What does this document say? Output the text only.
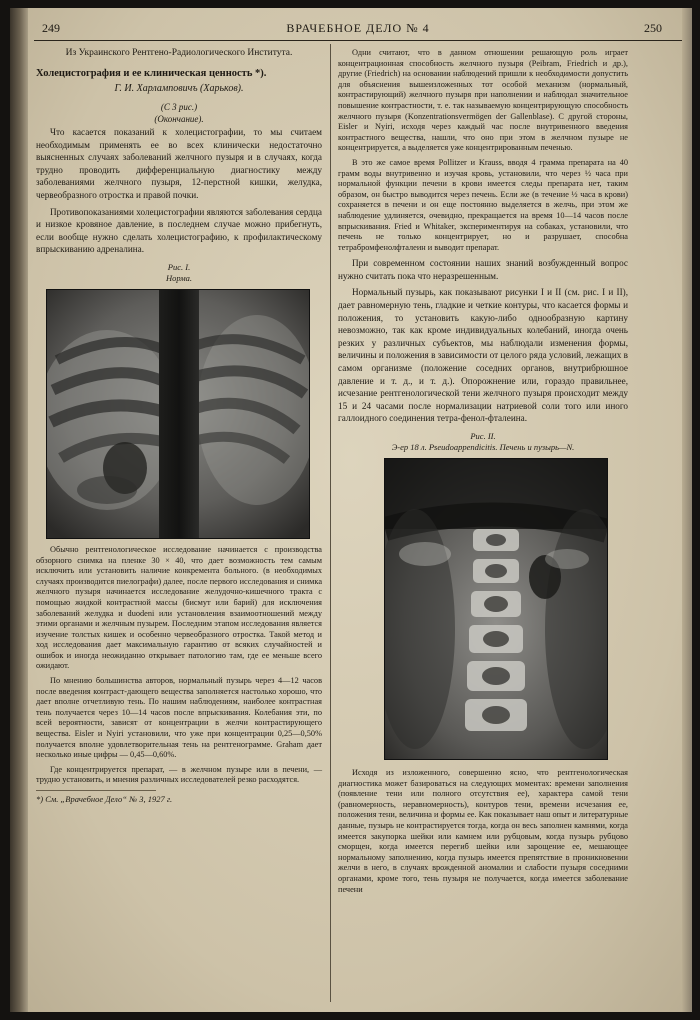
249	ВРАЧЕБНОЕ ДЕЛО № 4	250

Из Украинского Рентгено-Радиологического Института.

Холецистография и ее клиническая ценность *).

Г. И. Харламповичъ (Харьков).

(С 3 рис.)

(Окончание).

Что касается показаний к холецистографии, то мы считаем необходимым применять ее во всех клинически недостаточно выясненных случаях заболеваний желчного пузыря и в случаях, когда трудно проводить дифференциальную диагностику между заболеваниями желчного пузыря, 12-перстной кишки, желудка, червеобразного отростка и правой почки.

Противопоказаниями холецистографии являются заболевания сердца и низкое кровяное давление, в последнем случае можно прибегнуть, если вообще нужно сделать холецистографию, к профилактическому впрыскиванию адреналина.

Рис. I.

Норма.

Обычно рентгенологическое исследование начинается с производства обзорного снимка на пленке 30 × 40, что дает возможность тем самым исключить или установить наличие конкремента больного. (в необходимых случаях производится пиелографи) далее, после первого исследования и снимка желчного пузыря начинается исследование желудочно-кишечного тракта с помощью жидкой контрастной массы (бисмут или барий) для исключения заболеваний желудка и duodeni или установления взаимоотношений между этими органами и желчным пузырем. Последним этапом исследования является изучение толстых кишек и особенно червеобразного отростка. Такой метод и ход исследования дает максимальную гарантию от всяких случайностей и ошибок и иногда неожиданно открывает патологию там, где ее меньше всего ожидают.

По мнению большинства авторов, нормальный пузырь через 4—12 часов после введения контраст-дающего вещества заполняется настолько хорошо, что дает вполне отчетливую тень. По нашим наблюдениям, наиболее контрастная тень получается через 10—14 часов после впрыскивания. Колебания эти, по всей вероятности, зависят от концентрации в желчи контрастирующего вещества. Eisler и Nyiri установили, что уже при концентрации 0,25—0,50% получается вполне удовлетворительная тень на рентгенограмме. Graham дает несколько иные цифры — 0,45—0,60%.

Где концентрируется препарат, — в желчном пузыре или в печени, — трудно установить, и мнения различных исследователей резко расходятся.

*) См. „Врачебное Дело“ № 3, 1927 г.

Одни считают, что в данном отношении решающую роль играет концентрационная способность желчного пузыря (Peibram, Friedrich и др.), другие (Friedrich) на основании наблюдений пришли к необходимости допустить для объяснения вышеизложенных тот особой механизм (нормальный, контрастирующий) желчного пузыря при наполнении и наблюдал значительное повышение контрастности, т. е. так называемую концентрирующую способность желчного пузыря (Konzentrationsvermögen der Gallenblase). С другой стороны, Eisler и Nyiri, исходя через каждый час после внутривенного введения контрастного вещества, нашли, что оно при этом в желчном пузыре не концентрируется, а выделяется уже концентрированным печенью.

В это же самое время Pollitzer и Krauss, вводя 4 грамма препарата на 40 грамм воды внутривенно и изучая кровь, установили, что через ½ часа при нормальной функции печени в крови имеется следы препарата нет, таким образом, он быстро выводится через печень. Если же (в течение ½ часа в крови) сохраняется в печени и он еще постоянно выделяется в желчь, при этом же наблюдение удлиняется, очевидно, прекращается на время 10—14 часов после впрыскивания. Fried и Whitaker, экспериментируя на собаках, установили, что печень не только концентрирует, но и разрушает, способна тетрабромфенолфталеин и выводит препарат.

При современном состоянии наших знаний возбужденный вопрос нужно считать пока что неразрешенным.

Нормальный пузырь, как показывают рисунки I и II (см. рис. I и II), дает равномерную тень, гладкие и четкие контуры, что касается формы и положения, то установить какую-либо однообразную картину невозможно, так как кроме индивидуальных колебаний, иногда очень резких у различных субъектов, мы наблюдали изменения формы, величины и положения в зависимости от целого ряда условий, лежащих в самом организме (положение соседних органов, внутрибрюшное давление и т. д., и т. д.). Опорожнение или, гораздо правильнее, исчезание рентгенологической тени желчного пузыря происходит между 15 и 24 часами после нормализации натриевой соли того или иного галлоидного соединения тетра-фенол-фталеина.

Рис. II.

Э-ер 18 л. Pseudoappendicitis. Печень и пузырь—N.

Исходя из изложенного, совершенно ясно, что рентгенологическая диагностика может базироваться на следующих моментах: времени заполнения (появление тени или полного отсутствия ее), характера самой тени (равномерность, неравномерность), контуров тени, времени исчезания ее, положения тени, величина и формы ее. Как показывает наш опыт и литературные данные, пузырь не контрастируется тогда, когда он весь заполнен камнями, когда имеется закупорка шейки или камнем или рубцовым, когда пузырь рубцово сморщен, когда имеется перегиб шейки или зарощение ее, мешающее нормальному заполнению, когда пузырь имеется препятствие в проникновении желчи в него, в случаях врожденной аномалии и слабости пузыря соседними органами, кроме того, тень пузыря не получается, когда имеется заболевание печени
